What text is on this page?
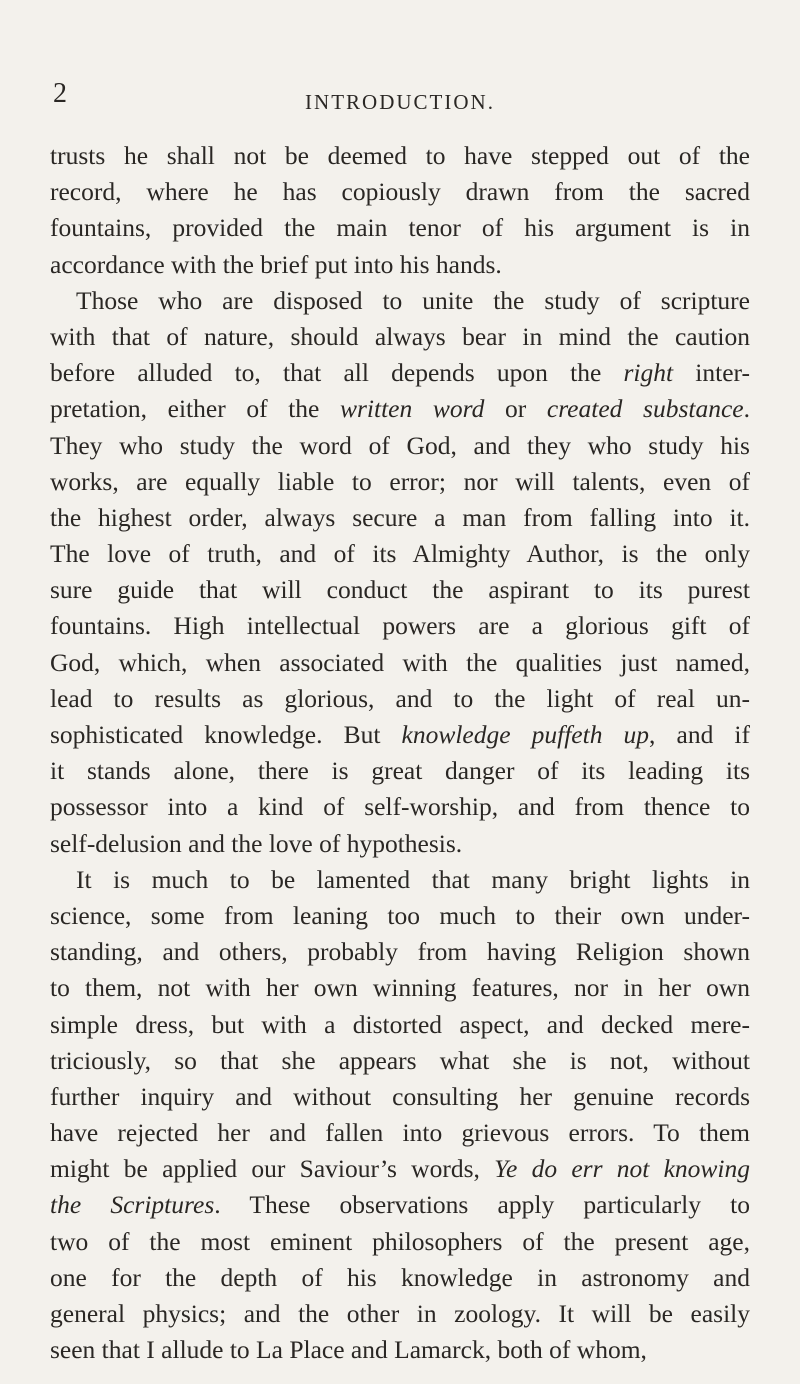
2	INTRODUCTION.
trusts he shall not be deemed to have stepped out of the
record, where he has copiously drawn from the sacred
fountains, provided the main tenor of his argument is in
accordance with the brief put into his hands.
Those who are disposed to unite the study of scripture
with that of nature, should always bear in mind the caution
before alluded to, that all depends upon the right inter-
pretation, either of the written word or created substance.
They who study the word of God, and they who study his
works, are equally liable to error; nor will talents, even of
the highest order, always secure a man from falling into it.
The love of truth, and of its Almighty Author, is the only
sure guide that will conduct the aspirant to its purest
fountains. High intellectual powers are a glorious gift of
God, which, when associated with the qualities just named,
lead to results as glorious, and to the light of real un-
sophisticated knowledge. But knowledge puffeth up, and if
it stands alone, there is great danger of its leading its
possessor into a kind of self-worship, and from thence to
self-delusion and the love of hypothesis.
It is much to be lamented that many bright lights in
science, some from leaning too much to their own under-
standing, and others, probably from having Religion shown
to them, not with her own winning features, nor in her own
simple dress, but with a distorted aspect, and decked mere-
triciously, so that she appears what she is not, without
further inquiry and without consulting her genuine records
have rejected her and fallen into grievous errors. To them
might be applied our Saviour’s words, Ye do err not knowing
the Scriptures. These observations apply particularly to
two of the most eminent philosophers of the present age,
one for the depth of his knowledge in astronomy and
general physics; and the other in zoology. It will be easily
seen that I allude to La Place and Lamarck, both of whom,
